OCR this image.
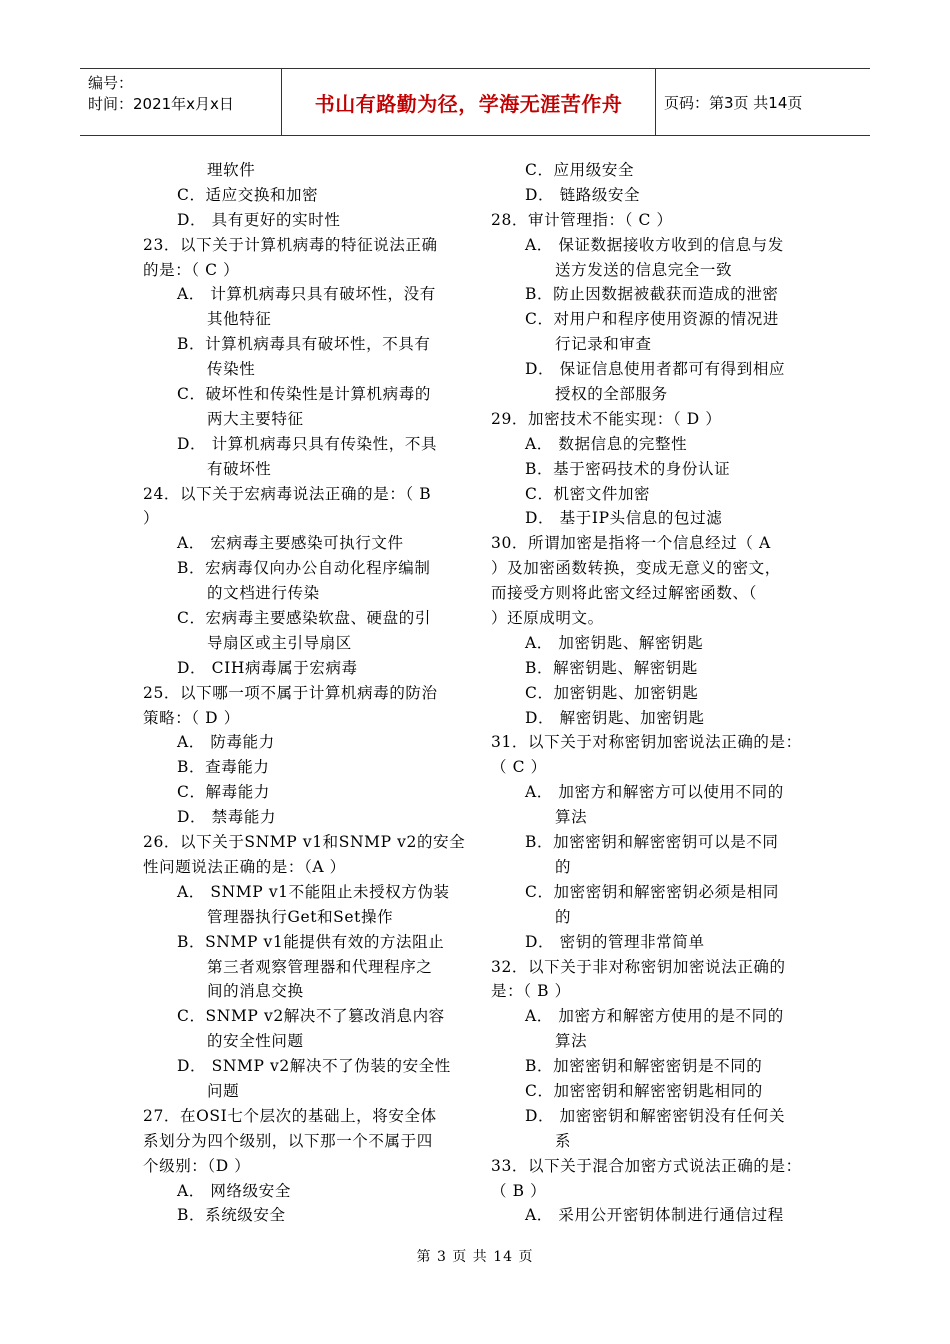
编号：
时间：2021年x月x日	书山有路勤为径，学海无涯苦作舟	页码：第3页 共14页
理软件
C．适应交换和加密
D． 具有更好的实时性
23．以下关于计算机病毒的特征说法正确
的是：（ C ）
A． 计算机病毒只具有破坏性，没有
其他特征
B．计算机病毒具有破坏性，不具有
传染性
C．破坏性和传染性是计算机病毒的
两大主要特征
D． 计算机病毒只具有传染性，不具
有破坏性
24．以下关于宏病毒说法正确的是：（ B
）
A． 宏病毒主要感染可执行文件
B．宏病毒仅向办公自动化程序编制
的文档进行传染
C．宏病毒主要感染软盘、硬盘的引
导扇区或主引导扇区
D． CIH病毒属于宏病毒
25．以下哪一项不属于计算机病毒的防治
策略：（ D ）
A． 防毒能力
B．查毒能力
C．解毒能力
D． 禁毒能力
26．以下关于SNMP v1和SNMP v2的安全
性问题说法正确的是：（A ）
A． SNMP v1不能阻止未授权方伪装
管理器执行Get和Set操作
B．SNMP v1能提供有效的方法阻止
第三者观察管理器和代理程序之
间的消息交换
C．SNMP v2解决不了篡改消息内容
的安全性问题
D． SNMP v2解决不了伪装的安全性
问题
27．在OSI七个层次的基础上，将安全体
系划分为四个级别，以下那一个不属于四
个级别：（D ）
A． 网络级安全
B．系统级安全
C．应用级安全
D． 链路级安全
28．审计管理指：（ C ）
A． 保证数据接收方收到的信息与发
送方发送的信息完全一致
B．防止因数据被截获而造成的泄密
C．对用户和程序使用资源的情况进
行记录和审查
D． 保证信息使用者都可有得到相应
授权的全部服务
29．加密技术不能实现：（ D ）
A． 数据信息的完整性
B．基于密码技术的身份认证
C．机密文件加密
D． 基于IP头信息的包过滤
30．所谓加密是指将一个信息经过（ A
）及加密函数转换，变成无意义的密文，
而接受方则将此密文经过解密函数、（
）还原成明文。
A． 加密钥匙、解密钥匙
B．解密钥匙、解密钥匙
C．加密钥匙、加密钥匙
D． 解密钥匙、加密钥匙
31．以下关于对称密钥加密说法正确的是：
（ C ）
A． 加密方和解密方可以使用不同的
算法
B．加密密钥和解密密钥可以是不同
的
C．加密密钥和解密密钥必须是相同
的
D． 密钥的管理非常简单
32．以下关于非对称密钥加密说法正确的
是：（ B ）
A． 加密方和解密方使用的是不同的
算法
B．加密密钥和解密密钥是不同的
C．加密密钥和解密密钥匙相同的
D． 加密密钥和解密密钥没有任何关
系
33．以下关于混合加密方式说法正确的是：
（ B ）
A． 采用公开密钥体制进行通信过程
第 3 页 共 14 页
